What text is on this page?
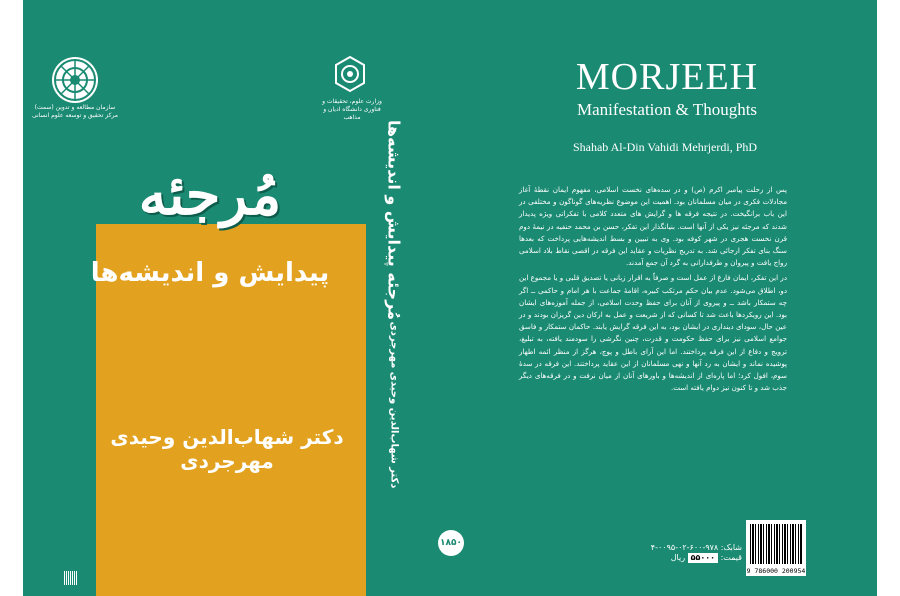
سازمان مطالعه و تدوین (سمت) مرکز تحقیق و توسعه علوم انسانی
مُرجئه
پیدایش و اندیشه‌ها
دکتر شهاب‌الدین وحیدی مهرجردی
وزارت علوم، تحقیقات و فناوری دانشگاه ادیان و مذاهب
مُرجئه پیدایش و اندیشه‌ها
دکتر شهاب‌الدین وحیدی مهرجردی
۱۸۵۰
MORJEEH
Manifestation & Thoughts
Shahab Al-Din Vahidi Mehrjerdi, PhD

پس از رحلت پیامبر اکرم (ص) و در سده‌های نخست اسلامی، مفهوم ایمان نقطهٔ آغاز مجادلات فکری در میان مسلمانان بود. اهمیت این موضوع نظریه‌های گوناگون و مختلفی در این باب برانگیخت. در نتیجه فرقه ها و گرایش های متعدد کلامی با تفکراتی ویژه پدیدار شدند که مرجئه نیز یکی از آنها است. بنیانگذار این تفکر، حسن بن محمد حنفیه در نیمهٔ دوم قرن نخست هجری در شهر کوفه بود. وی به تبیین و بسط اندیشه‌هایی پرداخت که بعدها سنگ بنای تفکر ارجائی شد. به تدریج نظریات و عقاید این فرقه در اقصی نقاط بلاد اسلامی رواج یافت و پیروان و طرفدارانی به گرد آن جمع آمدند.

در این تفکر، ایمان فارغ از عمل است و صرفاً به اقرار زبانی یا تصدیق قلبی و یا مجموع این دو، اطلاق می‌شود. عدم بیان حکم مرتکب کبیره، اقامهٔ جماعت با هر امام و حاکمی ــ اگر چه ستمکار باشد ــ و پیروی از آنان برای حفظ وحدت اسلامی، از جمله آموزه‌های ایشان بود. این رویکردها باعث شد تا کسانی که از شریعت و عمل به ارکان دین گریزان بودند و در عین حال، سودای دینداری در ایشان بود، به این فرقه گرایش یابند. حاکمان ستمکار و فاسق جوامع اسلامی نیز برای حفظ حکومت و قدرت، چنین نگرشی را سودمند یافته، به تبلیغ، ترویج و دفاع از این فرقه پرداختند. اما این آرای باطل و پوچ، هرگز از منظر ائمه اطهار پوشیده نماند و ایشان به رد آنها و نهی مسلمانان از این عقاید پرداختند. این فرقه در سدهٔ سوم، افول کرد؛ اما پاره‌ای از اندیشه‌ها و باورهای آنان از میان نرفت و در فرقه‌های دیگر جذب شد و تا کنون نیز دوام یافته است.

شابک: ۹۷۸-۶۰۰-۰۲-۰۰۹۵-۴
قیمت: ۵۵۰۰۰ ریال
9 786000 200954
